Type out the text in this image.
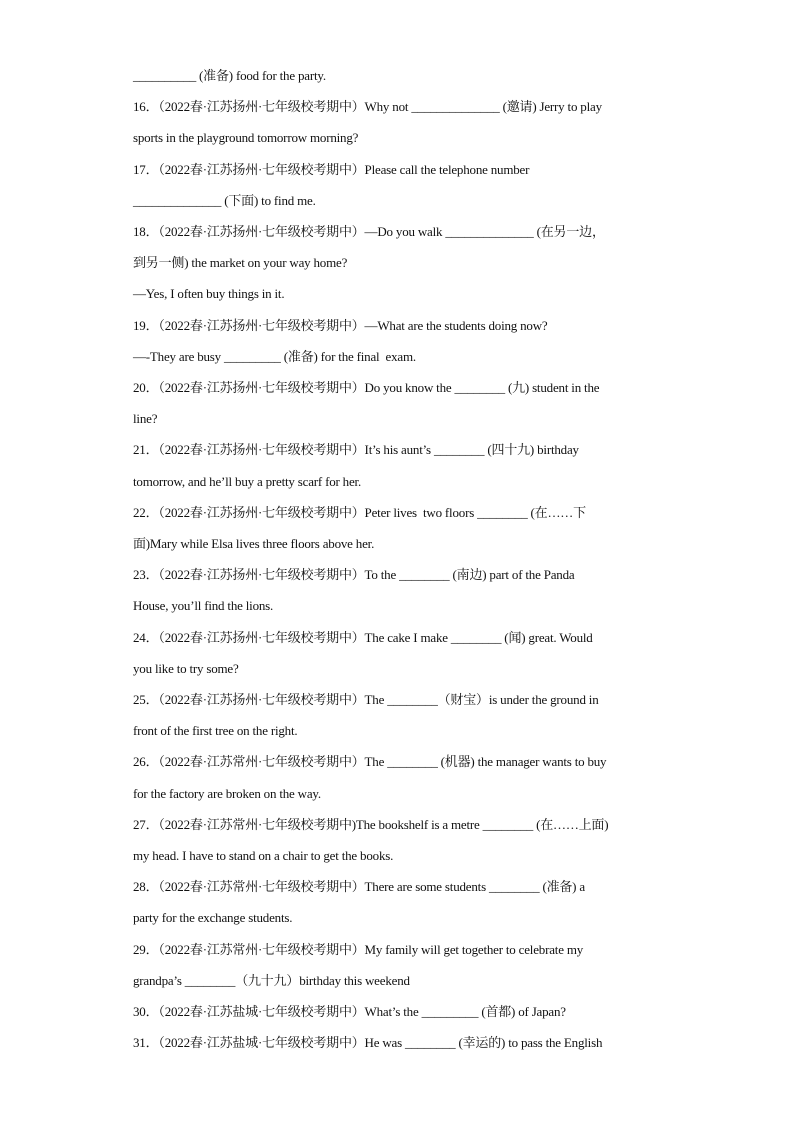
__________ (准备) food for the party.
16．（2022春·江苏扬州·七年级校考期中）Why not ______________ (邀请) Jerry to play
sports in the playground tomorrow morning?
17．（2022春·江苏扬州·七年级校考期中）Please call the telephone number
______________ (下面) to find me.
18．（2022春·江苏扬州·七年级校考期中）—Do you walk ______________ (在另一边，
到另一侧) the market on your way home?
—Yes, I often buy things in it.
19．（2022春·江苏扬州·七年级校考期中）—What are the students doing now?
—-They are busy _________ (准备) for the final  exam.
20．（2022春·江苏扬州·七年级校考期中）Do you know the ________ (九) student in the
line?
21．（2022春·江苏扬州·七年级校考期中）It’s his aunt’s ________ (四十九) birthday
tomorrow, and he’ll buy a pretty scarf for her.
22．（2022春·江苏扬州·七年级校考期中）Peter lives  two floors ________ (在……下
面)Mary while Elsa lives three floors above her.
23．（2022春·江苏扬州·七年级校考期中）To the ________ (南边) part of the Panda
House, you’ll find the lions.
24．（2022春·江苏扬州·七年级校考期中）The cake I make ________ (闻) great. Would
you like to try some?
25．（2022春·江苏扬州·七年级校考期中）The ________（财宝）is under the ground in
front of the first tree on the right.
26．（2022春·江苏常州·七年级校考期中）The ________ (机器) the manager wants to buy
for the factory are broken on the way.
27．（2022春·江苏常州·七年级校考期中)The bookshelf is a metre ________ (在……上面)
my head. I have to stand on a chair to get the books.
28．（2022春·江苏常州·七年级校考期中）There are some students ________ (准备) a
party for the exchange students.
29．（2022春·江苏常州·七年级校考期中）My family will get together to celebrate my
grandpa’s ________（九十九）birthday this weekend
30．（2022春·江苏盐城·七年级校考期中）What’s the _________ (首都) of Japan?
31．（2022春·江苏盐城·七年级校考期中）He was ________ (幸运的) to pass the English
